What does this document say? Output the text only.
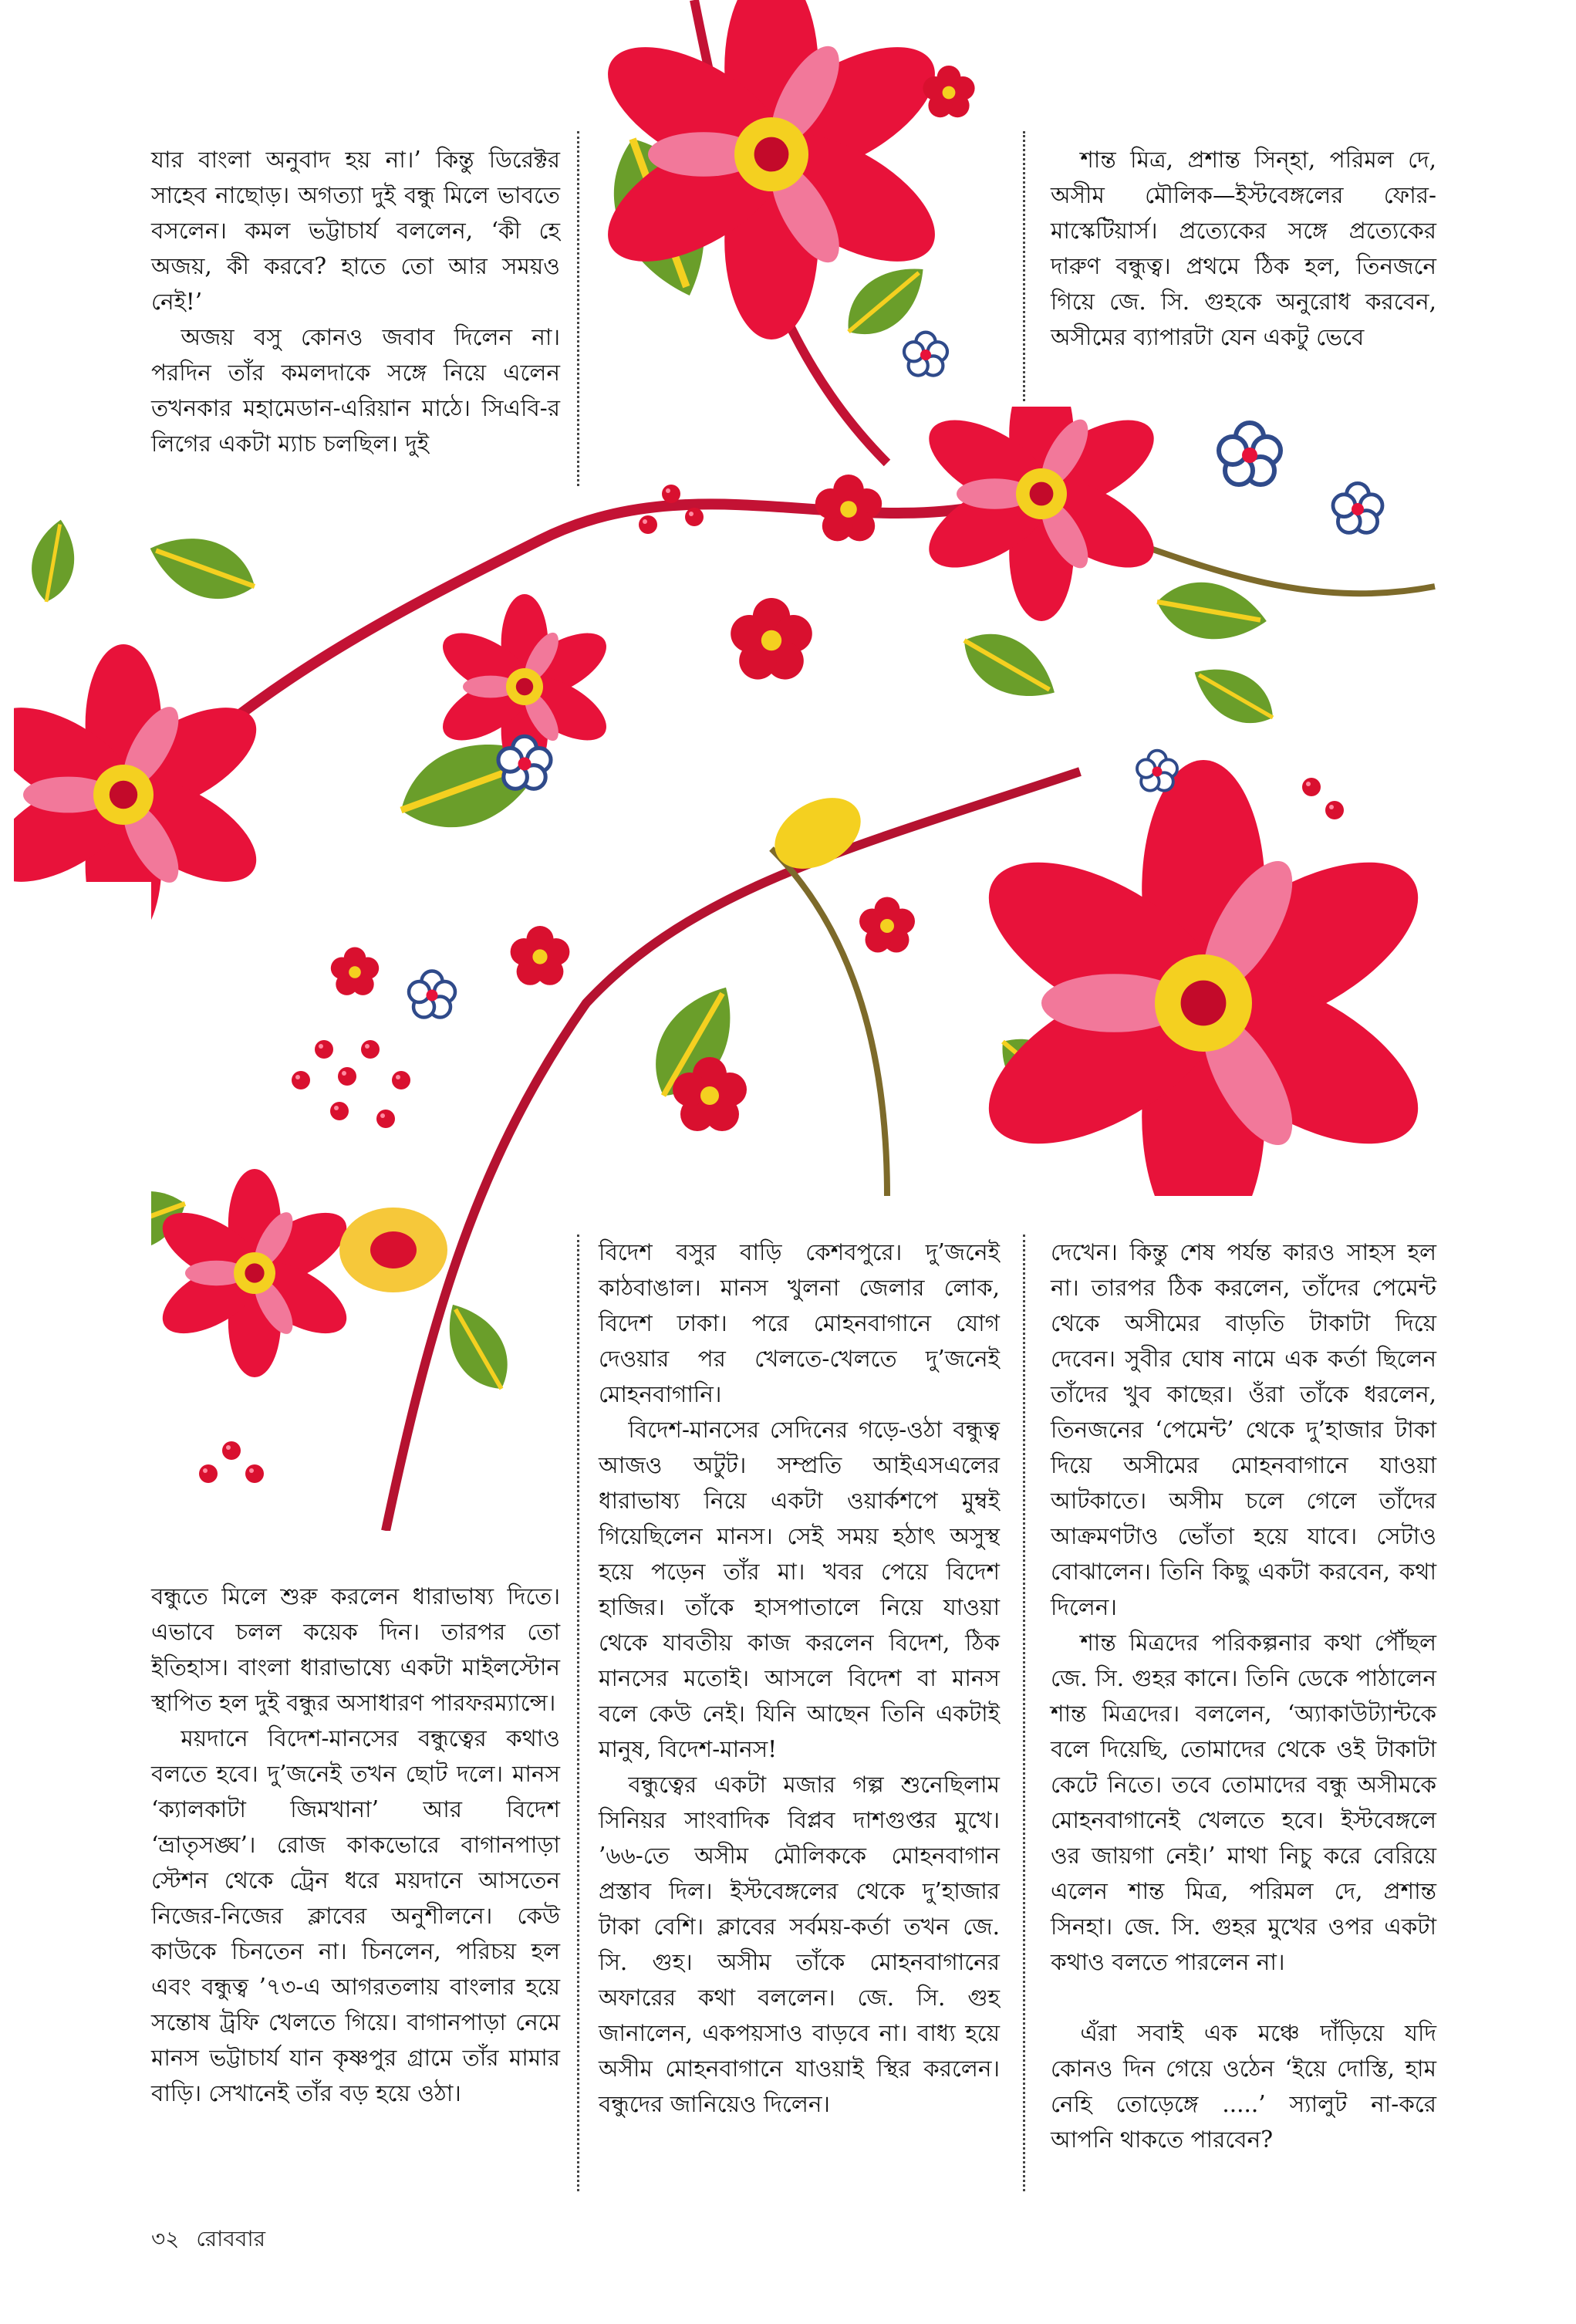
যার বাংলা অনুবাদ হয় না।’ কিন্তু ডিরেক্টর সাহেব নাছোড়। অগত্যা দুই বন্ধু মিলে ভাবতে বসলেন। কমল ভট্টাচার্য বললেন, ‘কী হে অজয়, কী করবে? হাতে তো আর সময়ও নেই!’

অজয় বসু কোনও জবাব দিলেন না। পরদিন তাঁর কমলদাকে সঙ্গে নিয়ে এলেন তখনকার মহামেডান-এরিয়ান মাঠে। সিএবি-র লিগের একটা ম্যাচ চলছিল। দুই

শান্ত মিত্র, প্রশান্ত সিন্‌হা, পরিমল দে, অসীম মৌলিক—ইস্টবেঙ্গলের ফোর-মাস্কেটিয়ার্স। প্রত্যেকের সঙ্গে প্রত্যেকের দারুণ বন্ধুত্ব। প্রথমে ঠিক হল, তিনজনে গিয়ে জে. সি. গুহকে অনুরোধ করবেন, অসীমের ব্যাপারটা যেন একটু ভেবে

বন্ধুতে মিলে শুরু করলেন ধারাভাষ্য দিতে। এভাবে চলল কয়েক দিন। তারপর তো ইতিহাস। বাংলা ধারাভাষ্যে একটা মাইলস্টোন স্থাপিত হল দুই বন্ধুর অসাধারণ পারফরম্যান্সে।

ময়দানে বিদেশ-মানসের বন্ধুত্বের কথাও বলতে হবে। দু’জনেই তখন ছোট দলে। মানস ‘ক্যালকাটা জিমখানা’ আর বিদেশ ‘ভ্রাতৃসঙ্ঘ’। রোজ কাকভোরে বাগানপাড়া স্টেশন থেকে ট্রেন ধরে ময়দানে আসতেন নিজের-নিজের ক্লাবের অনুশীলনে। কেউ কাউকে চিনতেন না। চিনলেন, পরিচয় হল এবং বন্ধুত্ব ’৭৩-এ আগরতলায় বাংলার হয়ে সন্তোষ ট্রফি খেলতে গিয়ে। বাগানপাড়া নেমে মানস ভট্টাচার্য যান কৃষ্ণপুর গ্রামে তাঁর মামার বাড়ি। সেখানেই তাঁর বড় হয়ে ওঠা।

বিদেশ বসুর বাড়ি কেশবপুরে। দু’জনেই কাঠবাঙাল। মানস খুলনা জেলার লোক, বিদেশ ঢাকা। পরে মোহনবাগানে যোগ দেওয়ার পর খেলতে-খেলতে দু’জনেই মোহনবাগানি।

বিদেশ-মানসের সেদিনের গড়ে-ওঠা বন্ধুত্ব আজও অটুট। সম্প্রতি আইএসএলের ধারাভাষ্য নিয়ে একটা ওয়ার্কশপে মুম্বই গিয়েছিলেন মানস। সেই সময় হঠাৎ অসুস্থ হয়ে পড়েন তাঁর মা। খবর পেয়ে বিদেশ হাজির। তাঁকে হাসপাতালে নিয়ে যাওয়া থেকে যাবতীয় কাজ করলেন বিদেশ, ঠিক মানসের মতোই। আসলে বিদেশ বা মানস বলে কেউ নেই। যিনি আছেন তিনি একটাই মানুষ, বিদেশ-মানস!

বন্ধুত্বের একটা মজার গল্প শুনেছিলাম সিনিয়র সাংবাদিক বিপ্লব দাশগুপ্তর মুখে। ’৬৬-তে অসীম মৌলিককে মোহনবাগান প্রস্তাব দিল। ইস্টবেঙ্গলের থেকে দু’হাজার টাকা বেশি। ক্লাবের সর্বময়-কর্তা তখন জে. সি. গুহ। অসীম তাঁকে মোহনবাগানের অফারের কথা বললেন। জে. সি. গুহ জানালেন, একপয়সাও বাড়বে না। বাধ্য হয়ে অসীম মোহনবাগানে যাওয়াই স্থির করলেন। বন্ধুদের জানিয়েও দিলেন।

দেখেন। কিন্তু শেষ পর্যন্ত কারও সাহস হল না। তারপর ঠিক করলেন, তাঁদের পেমেন্ট থেকে অসীমের বাড়তি টাকাটা দিয়ে দেবেন। সুবীর ঘোষ নামে এক কর্তা ছিলেন তাঁদের খুব কাছের। ওঁরা তাঁকে ধরলেন, তিনজনের ‘পেমেন্ট’ থেকে দু’হাজার টাকা দিয়ে অসীমের মোহনবাগানে যাওয়া আটকাতে। অসীম চলে গেলে তাঁদের আক্রমণটাও ভোঁতা হয়ে যাবে। সেটাও বোঝালেন। তিনি কিছু একটা করবেন, কথা দিলেন।

শান্ত মিত্রদের পরিকল্পনার কথা পৌঁছল জে. সি. গুহর কানে। তিনি ডেকে পাঠালেন শান্ত মিত্রদের। বললেন, ‘অ্যাকাউট্যান্টকে বলে দিয়েছি, তোমাদের থেকে ওই টাকাটা কেটে নিতে। তবে তোমাদের বন্ধু অসীমকে মোহনবাগানেই খেলতে হবে। ইস্টবেঙ্গলে ওর জায়গা নেই।’ মাথা নিচু করে বেরিয়ে এলেন শান্ত মিত্র, পরিমল দে, প্রশান্ত সিনহা। জে. সি. গুহর মুখের ওপর একটা কথাও বলতে পারলেন না।

এঁরা সবাই এক মঞ্চে দাঁড়িয়ে যদি কোনও দিন গেয়ে ওঠেন ‘ইয়ে দোস্তি, হাম নেহি তোড়েঙ্গে .....’ স্যালুট না-করে আপনি থাকতে পারবেন?

৩২ রোববার
